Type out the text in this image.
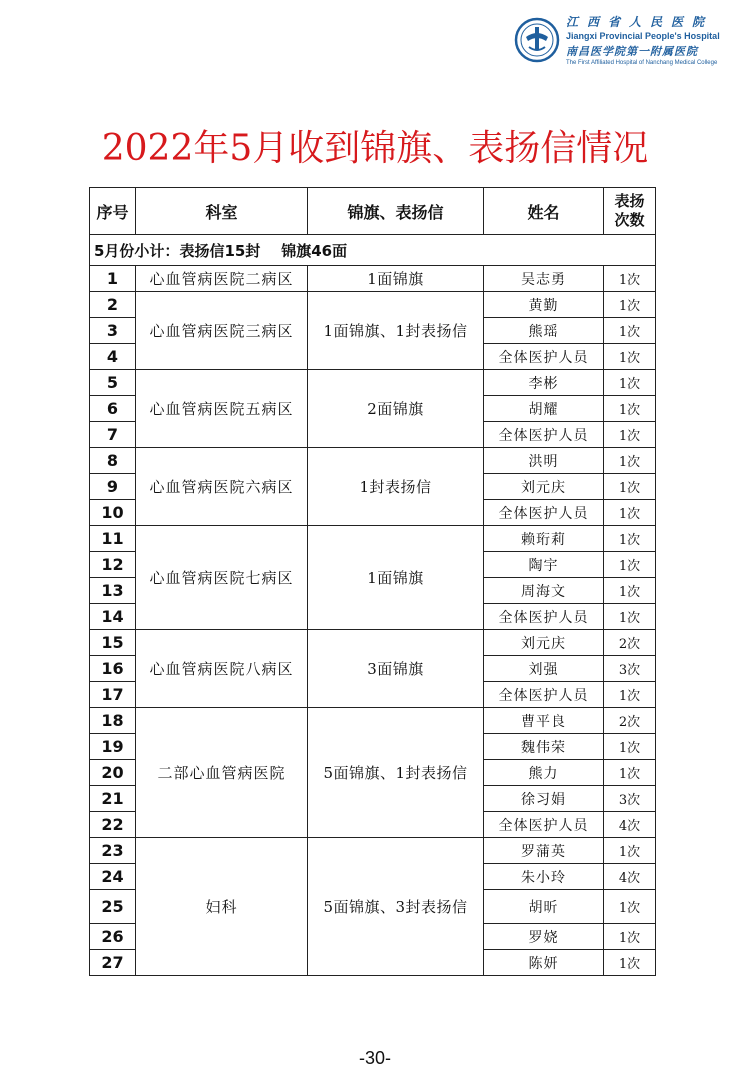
江西省人民医院
Jiangxi Provincial People's Hospital
南昌医学院第一附属医院
The First Affiliated Hospital of Nanchang Medical College
2022年5月收到锦旗、表扬信情况
序号	科室	锦旗、表扬信	姓名	表扬
次数
5月份小计：表扬信15封    锦旗46面				
1	心血管病医院二病区	1面锦旗	吴志勇	1次
2	心血管病医院三病区	1面锦旗、1封表扬信	黄勤	1次
3			熊瑶	1次
4			全体医护人员	1次
5	心血管病医院五病区	2面锦旗	李彬	1次
6			胡耀	1次
7			全体医护人员	1次
8	心血管病医院六病区	1封表扬信	洪明	1次
9			刘元庆	1次
10			全体医护人员	1次
11	心血管病医院七病区	1面锦旗	赖珩莉	1次
12			陶宇	1次
13			周海文	1次
14			全体医护人员	1次
15	心血管病医院八病区	3面锦旗	刘元庆	2次
16			刘强	3次
17			全体医护人员	1次
18	二部心血管病医院	5面锦旗、1封表扬信	曹平良	2次
19			魏伟荣	1次
20			熊力	1次
21			徐习娟	3次
22			全体医护人员	4次
23	妇科	5面锦旗、3封表扬信	罗蒲英	1次
24			朱小玲	4次
25			胡昕	1次
26			罗娆	1次
27			陈妍	1次
-30-
